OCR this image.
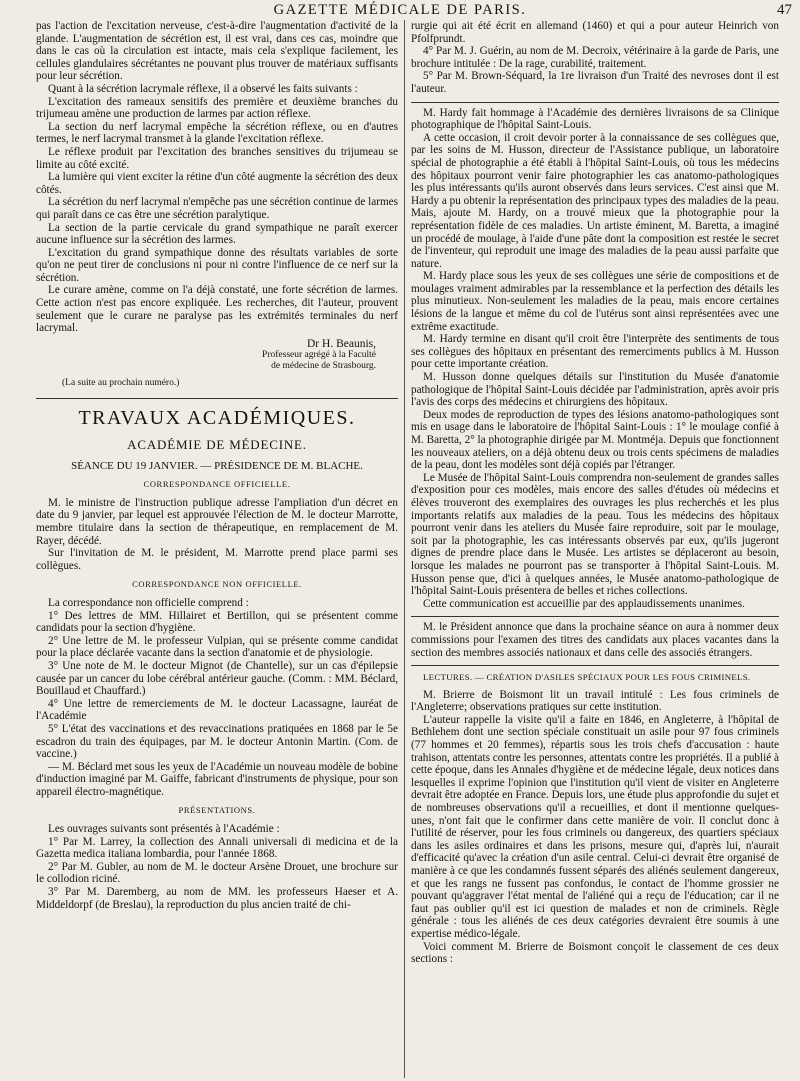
GAZETTE MÉDICALE DE PARIS.	47

pas l'action de l'excitation nerveuse, c'est-à-dire l'augmentation d'activité de la glande. L'augmentation de sécrétion est, il est vrai, dans ces cas, moindre que dans le cas où la circulation est intacte, mais cela s'explique facilement, les cellules glandulaires sécrétantes ne pouvant plus trouver de matériaux suffisants pour leur sécrétion.

Quant à la sécrétion lacrymale réflexe, il a observé les faits suivants :

L'excitation des rameaux sensitifs des première et deuxième branches du trijumeau amène une production de larmes par action réflexe.

La section du nerf lacrymal empêche la sécrétion réflexe, ou en d'autres termes, le nerf lacrymal transmet à la glande l'excitation réflexe.

Le réflexe produit par l'excitation des branches sensitives du trijumeau se limite au côté excité.

La lumière qui vient exciter la rétine d'un côté augmente la sécrétion des deux côtés.

La sécrétion du nerf lacrymal n'empêche pas une sécrétion continue de larmes qui paraît dans ce cas être une sécrétion paralytique.

La section de la partie cervicale du grand sympathique ne paraît exercer aucune influence sur la sécrétion des larmes.

L'excitation du grand sympathique donne des résultats variables de sorte qu'on ne peut tirer de conclusions ni pour ni contre l'influence de ce nerf sur la sécrétion.

Le curare amène, comme on l'a déjà constaté, une forte sécrétion de larmes. Cette action n'est pas encore expliquée. Les recherches, dit l'auteur, prouvent seulement que le curare ne paralyse pas les extrémités terminales du nerf lacrymal.

Dr H. Beaunis,
Professeur agrégé à la Faculté
de médecine de Strasbourg.
(La suite au prochain numéro.)
TRAVAUX ACADÉMIQUES.
ACADÉMIE DE MÉDECINE.
SÉANCE DU 19 JANVIER. — PRÉSIDENCE DE M. BLACHE.
CORRESPONDANCE OFFICIELLE.

M. le ministre de l'instruction publique adresse l'ampliation d'un décret en date du 9 janvier, par lequel est approuvée l'élection de M. le docteur Marrotte, membre titulaire dans la section de thérapeutique, en remplacement de M. Rayer, décédé.

Sur l'invitation de M. le président, M. Marrotte prend place parmi ses collègues.

CORRESPONDANCE NON OFFICIELLE.

La correspondance non officielle comprend :

1° Des lettres de MM. Hillairet et Bertillon, qui se présentent comme candidats pour la section d'hygiène.

2° Une lettre de M. le professeur Vulpian, qui se présente comme candidat pour la place déclarée vacante dans la section d'anatomie et de physiologie.

3° Une note de M. le docteur Mignot (de Chantelle), sur un cas d'épilepsie causée par un cancer du lobe cérébral antérieur gauche. (Comm. : MM. Béclard, Bouillaud et Chauffard.)

4° Une lettre de remerciements de M. le docteur Lacassagne, lauréat de l'Académie

5° L'état des vaccinations et des revaccinations pratiquées en 1868 par le 5e escadron du train des équipages, par M. le docteur Antonin Martin. (Com. de vaccine.)

— M. Béclard met sous les yeux de l'Académie un nouveau modèle de bobine d'induction imaginé par M. Gaiffe, fabricant d'instruments de physique, pour son appareil électro-magnétique.

PRÉSENTATIONS.

Les ouvrages suivants sont présentés à l'Académie :

1° Par M. Larrey, la collection des Annali universali di medicina et de la Gazetta medica italiana lombardia, pour l'année 1868.

2° Par M. Gubler, au nom de M. le docteur Arsène Drouet, une brochure sur le collodion riciné.

3° Par M. Daremberg, au nom de MM. les professeurs Haeser et A. Middeldorpf (de Breslau), la reproduction du plus ancien traité de chi-

rurgie qui ait été écrit en allemand (1460) et qui a pour auteur Heinrich von Pfolfprundt.

4° Par M. J. Guérin, au nom de M. Decroix, vétérinaire à la garde de Paris, une brochure intitulée : De la rage, curabilité, traitement.

5° Par M. Brown-Séquard, la 1re livraison d'un Traité des nevroses dont il est l'auteur.

M. Hardy fait hommage à l'Académie des dernières livraisons de sa Clinique photographique de l'hôpital Saint-Louis.

A cette occasion, il croit devoir porter à la connaissance de ses collègues que, par les soins de M. Husson, directeur de l'Assistance publique, un laboratoire spécial de photographie a été établi à l'hôpital Saint-Louis, où tous les médecins des hôpitaux pourront venir faire photographier les cas anatomo-pathologiques les plus intéressants qu'ils auront observés dans leurs services. C'est ainsi que M. Hardy a pu obtenir la représentation des principaux types des maladies de la peau. Mais, ajoute M. Hardy, on a trouvé mieux que la photographie pour la représentation fidèle de ces maladies. Un artiste éminent, M. Baretta, a imaginé un procédé de moulage, à l'aide d'une pâte dont la composition est restée le secret de l'inventeur, qui reproduit une image des maladies de la peau aussi parfaite que nature.

M. Hardy place sous les yeux de ses collègues une série de compositions et de moulages vraiment admirables par la ressemblance et la perfection des détails les plus minutieux. Non-seulement les maladies de la peau, mais encore certaines lésions de la langue et même du col de l'utérus sont ainsi représentées avec une extrême exactitude.

M. Hardy termine en disant qu'il croit être l'interprète des sentiments de tous ses collègues des hôpitaux en présentant des remerciments publics à M. Husson pour cette importante création.

M. Husson donne quelques détails sur l'institution du Musée d'anatomie pathologique de l'hôpital Saint-Louis décidée par l'administration, après avoir pris l'avis des corps des médecins et chirurgiens des hôpitaux.

Deux modes de reproduction de types des lésions anatomo-pathologiques sont mis en usage dans le laboratoire de l'hôpital Saint-Louis : 1° le moulage confié à M. Baretta, 2° la photographie dirigée par M. Montméja. Depuis que fonctionnent les nouveaux ateliers, on a déjà obtenu deux ou trois cents spécimens de maladies de la peau, dont les modèles sont déjà copiés par l'étranger.

Le Musée de l'hôpital Saint-Louis comprendra non-seulement de grandes salles d'exposition pour ces modèles, mais encore des salles d'études où médecins et élèves trouveront des exemplaires des ouvrages les plus recherchés et les plus importants relatifs aux maladies de la peau. Tous les médecins des hôpitaux pourront venir dans les ateliers du Musée faire reproduire, soit par le moulage, soit par la photographie, les cas intéressants observés par eux, qu'ils jugeront dignes de prendre place dans le Musée. Les artistes se déplaceront au besoin, lorsque les malades ne pourront pas se transporter à l'hôpital Saint-Louis. M. Husson pense que, d'ici à quelques années, le Musée anatomo-pathologique de l'hôpital Saint-Louis présentera de belles et riches collections.

Cette communication est accueillie par des applaudissements unanimes.

M. le Président annonce que dans la prochaine séance on aura à nommer deux commissions pour l'examen des titres des candidats aux places vacantes dans la section des membres associés nationaux et dans celle des associés étrangers.

LECTURES. — CRÉATION D'ASILES SPÉCIAUX POUR LES FOUS CRIMINELS.

M. Brierre de Boismont lit un travail intitulé : Les fous criminels de l'Angleterre; observations pratiques sur cette institution.

L'auteur rappelle la visite qu'il a faite en 1846, en Angleterre, à l'hôpital de Bethlehem dont une section spéciale constituait un asile pour 97 fous criminels (77 hommes et 20 femmes), répartis sous les trois chefs d'accusation : haute trahison, attentats contre les personnes, attentats contre les propriétés. Il a publié à cette époque, dans les Annales d'hygiène et de médecine légale, deux notices dans lesquelles il exprime l'opinion que l'institution qu'il vient de visiter en Angleterre devrait être adoptée en France. Depuis lors, une étude plus approfondie du sujet et de nombreuses observations qu'il a recueillies, et dont il mentionne quelques-unes, n'ont fait que le confirmer dans cette manière de voir. Il conclut donc à l'utilité de réserver, pour les fous criminels ou dangereux, des quartiers spéciaux dans les asiles ordinaires et dans les prisons, mesure qui, d'après lui, n'aurait d'efficacité qu'avec la création d'un asile central. Celui-ci devrait être organisé de manière à ce que les condamnés fussent séparés des aliénés seulement dangereux, et que les rangs ne fussent pas confondus, le contact de l'homme grossier ne pouvant qu'aggraver l'état mental de l'aliéné qui a reçu de l'éducation; car il ne faut pas oublier qu'il est ici question de malades et non de criminels. Règle générale : tous les aliénés de ces deux catégories devraient être soumis à une expertise médico-légale.

Voici comment M. Brierre de Boismont conçoit le classement de ces deux sections :
